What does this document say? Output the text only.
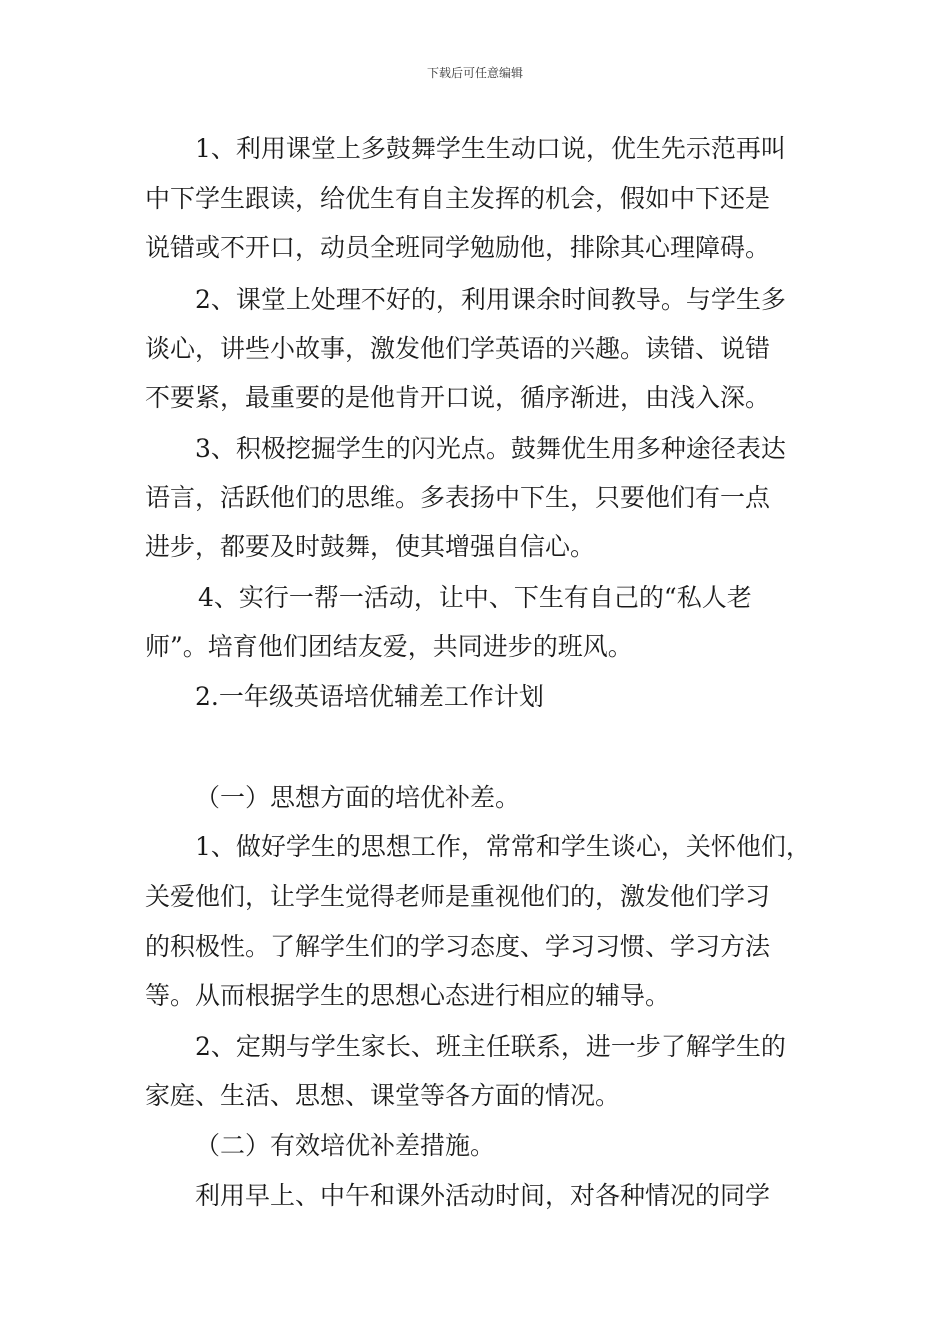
下载后可任意编辑
1、利用课堂上多鼓舞学生生动口说，优生先示范再叫
中下学生跟读，给优生有自主发挥的机会，假如中下还是
说错或不开口，动员全班同学勉励他，排除其心理障碍。
2、课堂上处理不好的，利用课余时间教导。与学生多
谈心，讲些小故事，激发他们学英语的兴趣。读错、说错
不要紧，最重要的是他肯开口说，循序渐进，由浅入深。
3、积极挖掘学生的闪光点。鼓舞优生用多种途径表达
语言，活跃他们的思维。多表扬中下生，只要他们有一点
进步，都要及时鼓舞，使其增强自信心。
4、实行一帮一活动，让中、下生有自己的“私人老
师”。培育他们团结友爱，共同进步的班风。
2.一年级英语培优辅差工作计划
（一）思想方面的培优补差。
1、做好学生的思想工作，常常和学生谈心，关怀他们，
关爱他们，让学生觉得老师是重视他们的，激发他们学习
的积极性。了解学生们的学习态度、学习习惯、学习方法
等。从而根据学生的思想心态进行相应的辅导。
2、定期与学生家长、班主任联系，进一步了解学生的
家庭、生活、思想、课堂等各方面的情况。
（二）有效培优补差措施。
利用早上、中午和课外活动时间，对各种情况的同学
